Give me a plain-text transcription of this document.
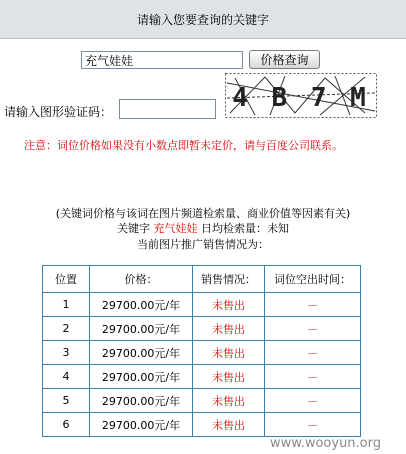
请输入您要查询的关键字
充气娃娃
价格查询
4 B 7 M
请输入图形验证码：
注意：词位价格如果没有小数点即暂未定价，请与百度公司联系。
(关键词价格与该词在图片频道检索量、商业价值等因素有关)
关键字 充气娃娃 日均检索量：未知
当前图片推广销售情况为：
位置	价格：	销售情况：	词位空出时间：
1	29700.00元/年	未售出	－
2	29700.00元/年	未售出	－
3	29700.00元/年	未售出	－
4	29700.00元/年	未售出	－
5	29700.00元/年	未售出	－
6	29700.00元/年	未售出	－
www.wooyun.org
